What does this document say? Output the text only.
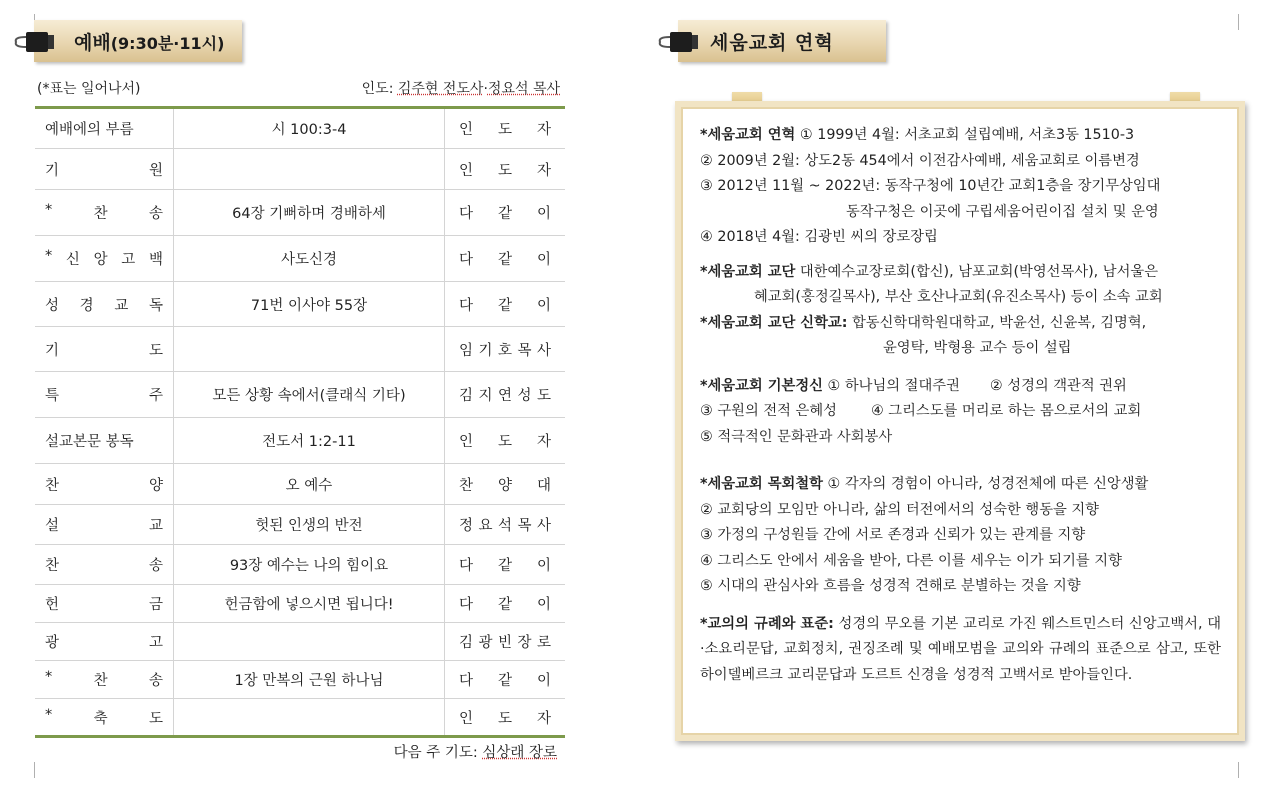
예배(9:30분·11시)
(*표는 일어나서)	인도: 김주현 전도사·정요석 목사
예배에의 부름	시 100:3-4	인 도 자

기 원		인 도 자

* 찬 송	64장 기뻐하며 경배하세	다 같 이

* 신 앙 고 백	사도신경	다 같 이

성 경 교 독	71번 이사야 55장	다 같 이

기 도		임 기 호 목 사

특 주	모든 상황 속에서(클래식 기타)	김 지 연 성 도

설교본문 봉독	전도서 1:2-11	인 도 자

찬 양	오 예수	찬 양 대

설 교	헛된 인생의 반전	정 요 석 목 사

찬 송	93장 예수는 나의 힘이요	다 같 이

헌 금	헌금함에 넣으시면 됩니다!	다 같 이

광 고		김 광 빈 장 로

* 찬 송	1장 만복의 근원 하나님	다 같 이

* 축 도		인 도 자
다음 주 기도: 심상래 장로
세움교회 연혁

*세움교회 연혁 ① 1999년 4월: 서초교회 설립예배, 서초3동 1510-3

② 2009년 2월: 상도2동 454에서 이전감사예배, 세움교회로 이름변경

③ 2012년 11월 ~ 2022년: 동작구청에 10년간 교회1층을 장기무상임대

동작구청은 이곳에 구립세움어린이집 설치 및 운영

④ 2018년 4월: 김광빈 씨의 장로장립

*세움교회 교단 대한예수교장로회(합신), 남포교회(박영선목사), 남서울은

혜교회(홍정길목사), 부산 호산나교회(유진소목사) 등이 소속 교회

*세움교회 교단 신학교: 합동신학대학원대학교, 박윤선, 신윤복, 김명혁,

윤영탁, 박형용 교수 등이 설립

*세움교회 기본정신 ① 하나님의 절대주권 ② 성경의 객관적 권위

③ 구원의 전적 은혜성 ④ 그리스도를 머리로 하는 몸으로서의 교회

⑤ 적극적인 문화관과 사회봉사

*세움교회 목회철학 ① 각자의 경험이 아니라, 성경전체에 따른 신앙생활

② 교회당의 모임만 아니라, 삶의 터전에서의 성숙한 행동을 지향

③ 가정의 구성원들 간에 서로 존경과 신뢰가 있는 관계를 지향

④ 그리스도 안에서 세움을 받아, 다른 이를 세우는 이가 되기를 지향

⑤ 시대의 관심사와 흐름을 성경적 견해로 분별하는 것을 지향

*교의의 규례와 표준: 성경의 무오를 기본 교리로 가진 웨스트민스터 신앙고백서, 대·소요리문답, 교회정치, 권징조례 및 예배모범을 교의와 규례의 표준으로 삼고, 또한 하이델베르크 교리문답과 도르트 신경을 성경적 고백서로 받아들인다.
